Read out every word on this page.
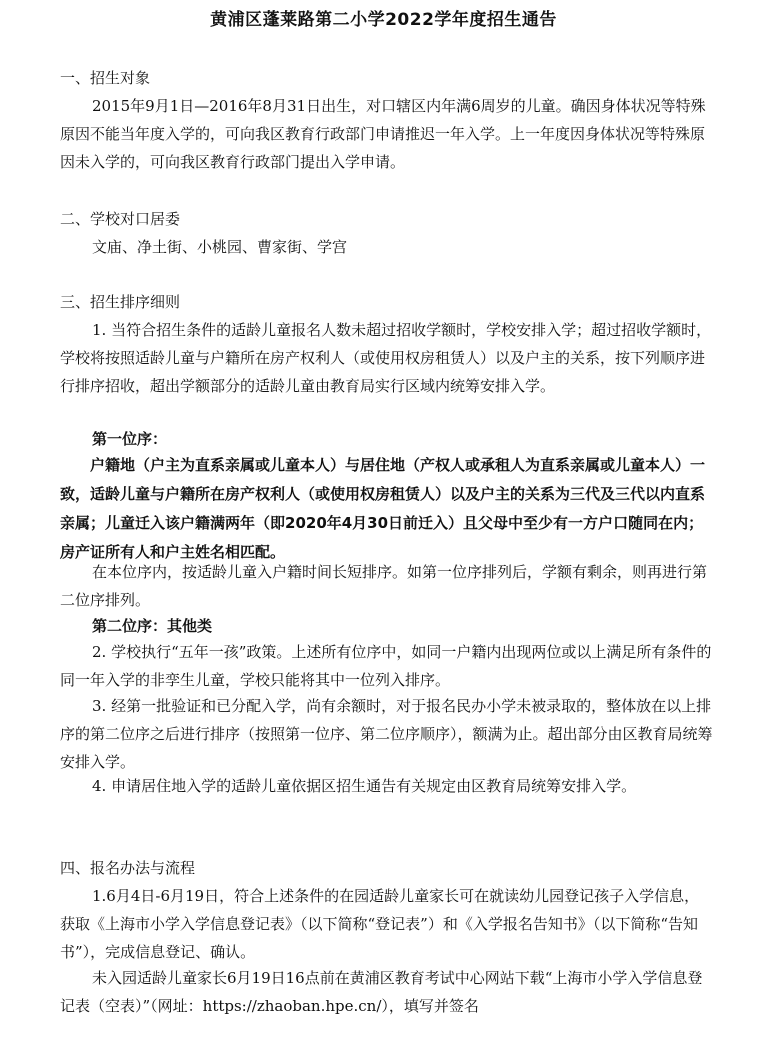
黄浦区蓬莱路第二小学2022学年度招生通告
一、招生对象
2015年9月1日—2016年8月31日出生，对口辖区内年满6周岁的儿童。确因身体状况等特殊原因不能当年度入学的，可向我区教育行政部门申请推迟一年入学。上一年度因身体状况等特殊原因未入学的，可向我区教育行政部门提出入学申请。
二、学校对口居委
文庙、净土街、小桃园、曹家街、学宫
三、招生排序细则
1. 当符合招生条件的适龄儿童报名人数未超过招收学额时，学校安排入学；超过招收学额时，学校将按照适龄儿童与户籍所在房产权利人（或使用权房租赁人）以及户主的关系，按下列顺序进行排序招收，超出学额部分的适龄儿童由教育局实行区域内统筹安排入学。
第一位序：
户籍地（户主为直系亲属或儿童本人）与居住地（产权人或承租人为直系亲属或儿童本人）一致，适龄儿童与户籍所在房产权利人（或使用权房租赁人）以及户主的关系为三代及三代以内直系亲属；儿童迁入该户籍满两年（即2020年4月30日前迁入）且父母中至少有一方户口随同在内；房产证所有人和户主姓名相匹配。
在本位序内，按适龄儿童入户籍时间长短排序。如第一位序排列后，学额有剩余，则再进行第二位序排列。
第二位序：其他类
2. 学校执行“五年一孩”政策。上述所有位序中，如同一户籍内出现两位或以上满足所有条件的同一年入学的非孪生儿童，学校只能将其中一位列入排序。
3. 经第一批验证和已分配入学，尚有余额时，对于报名民办小学未被录取的，整体放在以上排序的第二位序之后进行排序（按照第一位序、第二位序顺序），额满为止。超出部分由区教育局统筹安排入学。
4. 申请居住地入学的适龄儿童依据区招生通告有关规定由区教育局统筹安排入学。
四、报名办法与流程
1.6月4日-6月19日，符合上述条件的在园适龄儿童家长可在就读幼儿园登记孩子入学信息，获取《上海市小学入学信息登记表》（以下简称“登记表”）和《入学报名告知书》（以下简称“告知书”），完成信息登记、确认。
未入园适龄儿童家长6月19日16点前在黄浦区教育考试中心网站下载“上海市小学入学信息登记表（空表）”（网址：https://zhaoban.hpe.cn/），填写并签名
